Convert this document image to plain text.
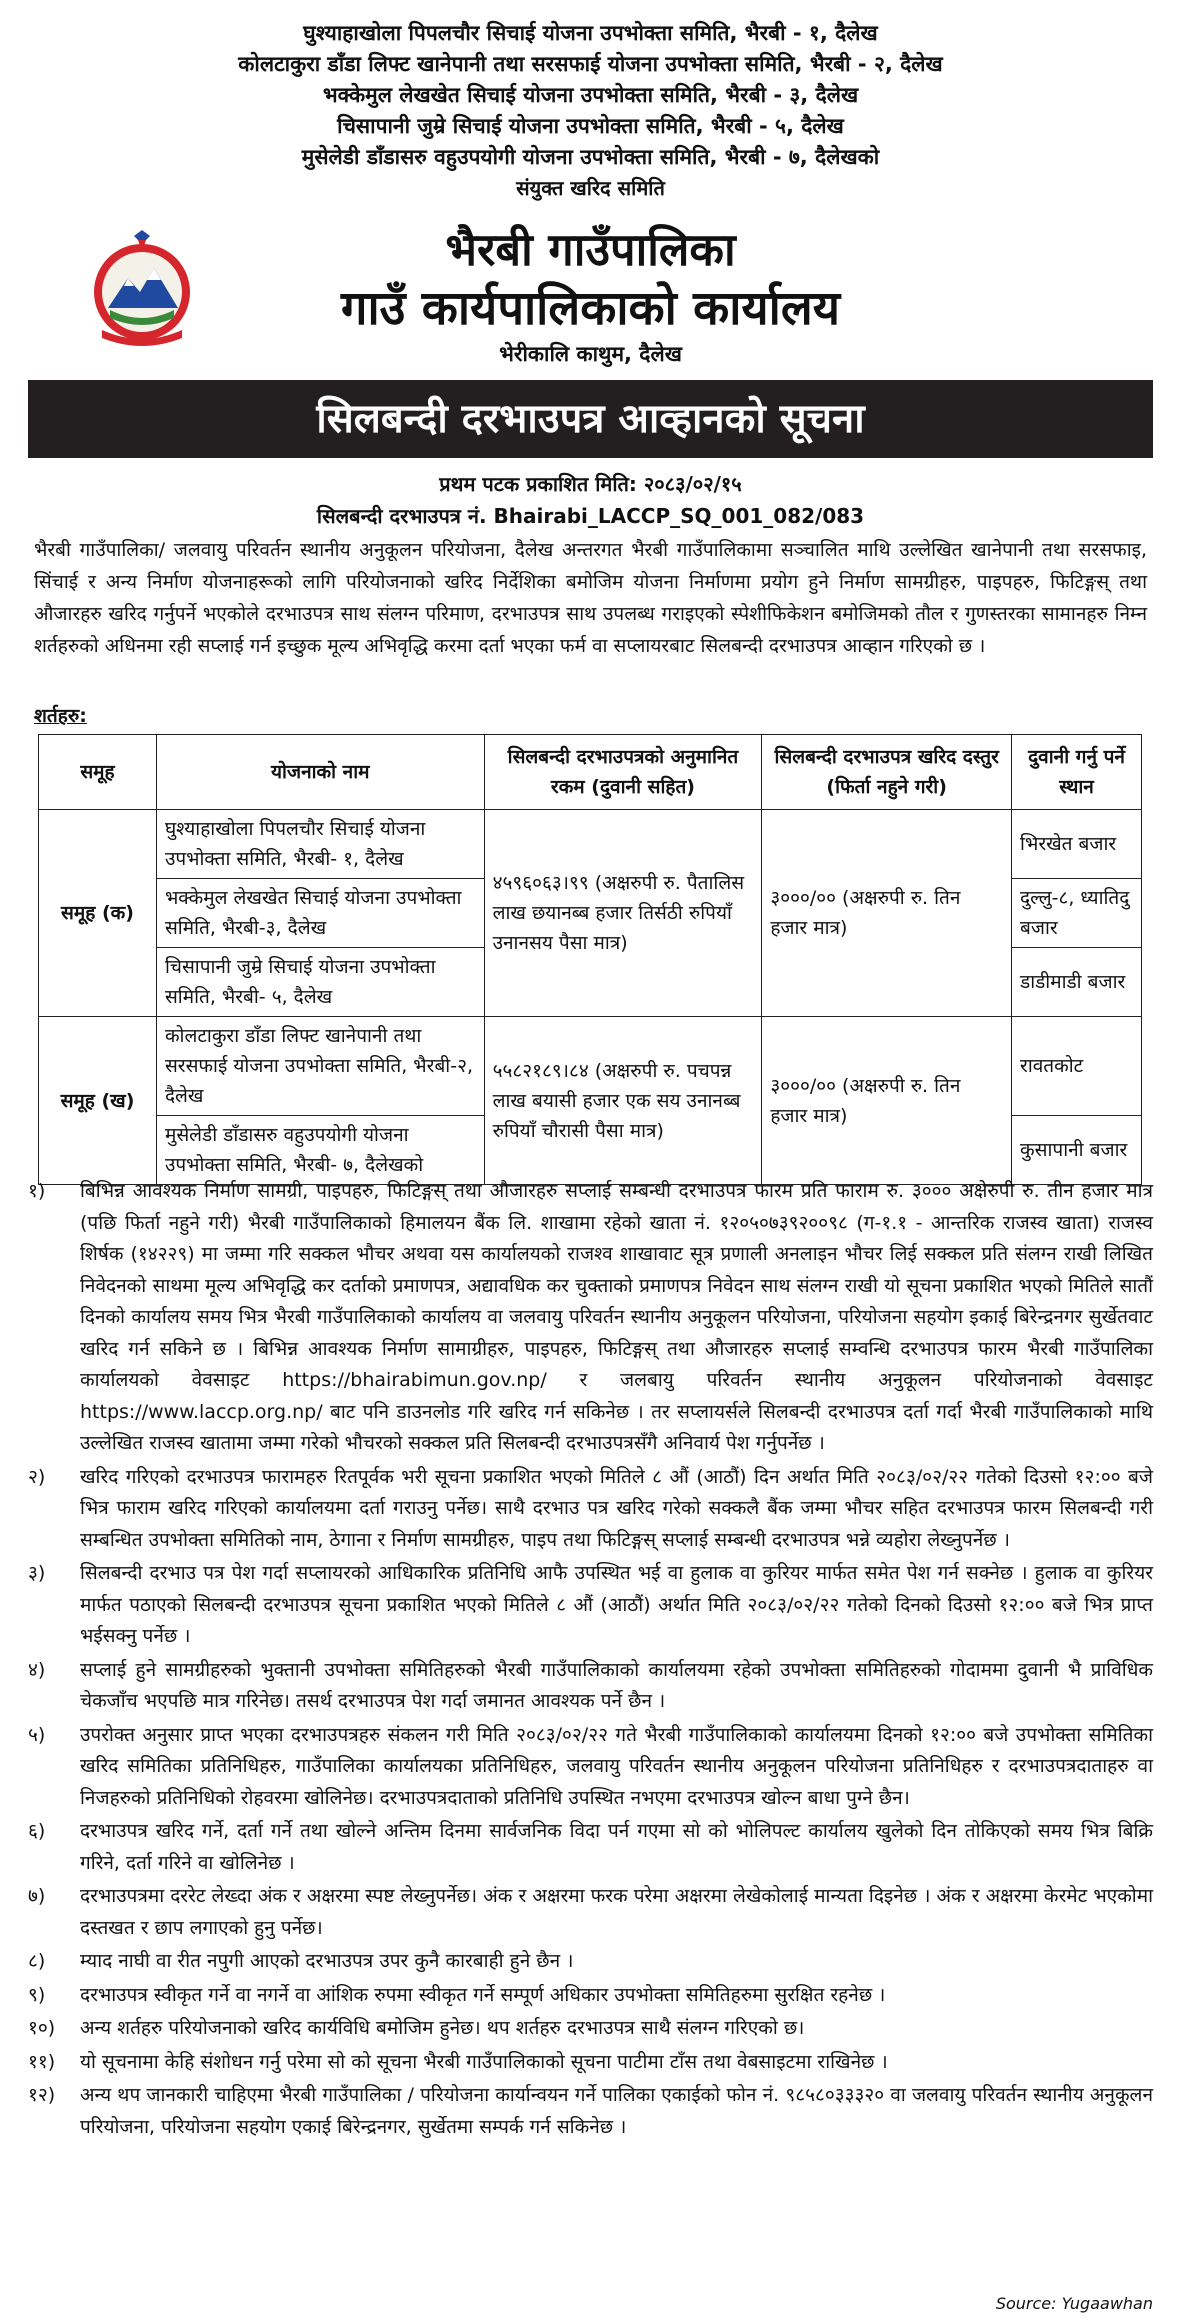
घुश्याहाखोला पिपलचौर सिचाई योजना उपभोक्ता समिति, भैरबी - १, दैलेख
कोलटाकुरा डाँडा लिफ्ट खानेपानी तथा सरसफाई योजना उपभोक्ता समिति, भैरबी - २, दैलेख
भक्केमुल लेखखेत सिचाई योजना उपभोक्ता समिति, भैरबी - ३, दैलेख
चिसापानी जुम्रे सिचाई योजना उपभोक्ता समिति, भैरबी - ५, दैलेख
मुसेलेडी डाँडासरु वहुउपयोगी योजना उपभोक्ता समिति, भैरबी - ७, दैलेखको
संयुक्त खरिद समिति
भैरबी गाउँपालिका
गाउँ कार्यपालिकाको कार्यालय
भेरीकालि काथुम, दैलेख
सिलबन्दी दरभाउपत्र आव्हानको सूचना
प्रथम पटक प्रकाशित मिति: २०८३/०२/१५
सिलबन्दी दरभाउपत्र नं. Bhairabi_LACCP_SQ_001_082/083
भैरबी गाउँपालिका/ जलवायु परिवर्तन स्थानीय अनुकूलन परियोजना, दैलेख अन्तरगत भैरबी गाउँपालिकामा सञ्चालित माथि उल्लेखित खानेपानी तथा सरसफाइ, सिंचाई र अन्य निर्माण योजनाहरूको लागि परियोजनाको खरिद निर्देशिका बमोजिम योजना निर्माणमा प्रयोग हुने निर्माण सामग्रीहरु, पाइपहरु, फिटिङ्गस् तथा औजारहरु खरिद गर्नुपर्ने भएकोले दरभाउपत्र साथ संलग्न परिमाण, दरभाउपत्र साथ उपलब्ध गराइएको स्पेशीफिकेशन बमोजिमको तौल र गुणस्तरका सामानहरु निम्न शर्तहरुको अधिनमा रही सप्लाई गर्न इच्छुक मूल्य अभिवृद्धि करमा दर्ता भएका फर्म वा सप्लायरबाट सिलबन्दी दरभाउपत्र आव्हान गरिएको छ ।
शर्तहरु:
समूह	योजनाको नाम	सिलबन्दी दरभाउपत्रको अनुमानित रकम (दुवानी सहित)	सिलबन्दी दरभाउपत्र खरिद दस्तुर (फिर्ता नहुने गरी)	दुवानी गर्नु पर्ने स्थान
समूह (क)	घुश्याहाखोला पिपलचौर सिचाई योजना उपभोक्ता समिति, भैरबी- १, दैलेख	४५९६०६३।९९ (अक्षरुपी रु. पैतालिस लाख छयानब्ब हजार तिर्सठी रुपियाँ उनानसय पैसा मात्र)	३०००/०० (अक्षरुपी रु. तिन हजार मात्र)	भिरखेत बजार
	भक्केमुल लेखखेत सिचाई योजना उपभोक्ता समिति, भैरबी-३, दैलेख			दुल्लु-८, ध्याति‌दु बजार
	चिसापानी जुम्रे सिचाई योजना उपभोक्ता समिति, भैरबी- ५, दैलेख			डाडीमाडी बजार
समूह (ख)	कोलटाकुरा डाँडा लिफ्ट खानेपानी तथा सरसफाई योजना उपभोक्ता समिति, भैरबी-२, दैलेख	५५८२१८९।८४ (अक्षरुपी रु. पचपन्न लाख बयासी हजार एक सय उनानब्ब रुपियाँ चौरासी पैसा मात्र)	३०००/०० (अक्षरुपी रु. तिन हजार मात्र)	रावतकोट
	मुसेलेडी डाँडासरु वहुउपयोगी योजना उपभोक्ता समिति, भैरबी- ७, दैलेखको			कुसापानी बजार
१)	बिभिन्न आवश्यक निर्माण सामग्री, पाइपहरु, फिटिङ्गस् तथा औजारहरु सप्लाई सम्बन्धी दरभाउपत्र फारम प्रति फाराम रु. ३००० अक्षेरुपी रु. तीन हजार मात्र (पछि फिर्ता नहुने गरी) भैरबी गाउँपालिकाको हिमालयन बैंक लि. शाखामा रहेको खाता नं. १२०५०७३९२००९८ (ग-१.१ - आन्तरिक राजस्व खाता) राजस्व शिर्षक (१४२२९) मा जम्मा गरि सक्कल भौचर अथवा यस कार्यालयको राजश्व शाखावाट सूत्र प्रणाली अनलाइन भौचर लिई सक्कल प्रति संलग्न राखी लिखित निवेदनको साथमा मूल्य अभिवृद्धि कर दर्ताको प्रमाणपत्र, अद्यावधिक कर चुक्ताको प्रमाणपत्र निवेदन साथ संलग्न राखी यो सूचना प्रकाशित भएको मितिले सातौं दिनको कार्यालय समय भित्र भैरबी गाउँपालिकाको कार्यालय वा जलवायु परिवर्तन स्थानीय अनुकूलन परियोजना, परियोजना सहयोग इकाई बिरेन्द्रनगर सुर्खेतवाट खरिद गर्न सकिने छ । बिभिन्न आवश्यक निर्माण सामाग्रीहरु, पाइपहरु, फिटिङ्गस् तथा औजारहरु सप्लाई सम्वन्धि दरभाउपत्र फारम भैरबी गाउँपालिका कार्यालयको वेवसाइट https://bhairabimun.gov.np/ र जलबायु परिवर्तन स्थानीय अनुकूलन परियोजनाको वेवसाइट https://www.laccp.org.np/ बाट पनि डाउनलोड गरि खरिद गर्न सकिनेछ । तर सप्लायर्सले सिलबन्दी दरभाउपत्र दर्ता गर्दा भैरबी गाउँपालिकाको माथि उल्लेखित राजस्व खातामा जम्मा गरेको भौचरको सक्कल प्रति सिलबन्दी दरभाउपत्रसँगै अनिवार्य पेश गर्नुपर्नेछ ।
२)	खरिद गरिएको दरभाउपत्र फारामहरु रितपूर्वक भरी सूचना प्रकाशित भएको मितिले ८ औं (आठौं) दिन अर्थात मिति २०८३/०२/२२ गतेको दिउसो १२:०० बजे भित्र फाराम खरिद गरिएको कार्यालयमा दर्ता गराउनु पर्नेछ। साथै दरभाउ पत्र खरिद गरेको सक्कलै बैंक जम्मा भौचर सहित दरभाउपत्र फारम सिलबन्दी गरी सम्बन्धित उपभोक्ता समितिको नाम, ठेगाना र निर्माण सामग्रीहरु, पाइप तथा फिटिङ्गस् सप्लाई सम्बन्धी दरभाउपत्र भन्ने व्यहोरा लेख्नुपर्नेछ ।
३)	सिलबन्दी दरभाउ पत्र पेश गर्दा सप्लायरको आधिकारिक प्रतिनिधि आफै उपस्थित भई वा हुलाक वा कुरियर मार्फत समेत पेश गर्न सक्नेछ । हुलाक वा कुरियर मार्फत पठाएको सिलबन्दी दरभाउपत्र सूचना प्रकाशित भएको मितिले ८ औं (आठौं) अर्थात मिति २०८३/०२/२२ गतेको दिनको दिउसो १२:०० बजे भित्र प्राप्त भईसक्नु पर्नेछ ।
४)	सप्लाई हुने सामग्रीहरुको भुक्तानी उपभोक्ता समितिहरुको भैरबी गाउँपालिकाको कार्यालयमा रहेको उपभोक्ता समितिहरुको गोदाममा दुवानी भै प्राविधिक चेकजाँच भएपछि मात्र गरिनेछ। तसर्थ दरभाउपत्र पेश गर्दा जमानत आवश्यक पर्ने छैन ।
५)	उपरोक्त अनुसार प्राप्त भएका दरभाउपत्रहरु संकलन गरी मिति २०८३/०२/२२ गते भैरबी गाउँपालिकाको कार्यालयमा दिनको १२:०० बजे उपभोक्ता समितिका खरिद समितिका प्रतिनिधिहरु, गाउँपालिका कार्यालयका प्रतिनिधिहरु, जलवायु परिवर्तन स्थानीय अनुकूलन परियोजना प्रतिनिधिहरु र दरभाउपत्रदाताहरु वा निजहरुको प्रतिनिधिको रोहवरमा खोलिनेछ। दरभाउपत्रदाताको प्रतिनिधि उपस्थित नभएमा दरभाउपत्र खोल्न बाधा पुग्ने छैन।
६)	दरभाउपत्र खरिद गर्ने, दर्ता गर्ने तथा खोल्ने अन्तिम दिनमा सार्वजनिक विदा पर्न गएमा सो को भोलिपल्ट कार्यालय खुलेको दिन तोकिएको समय भित्र बिक्रि गरिने, दर्ता गरिने वा खोलिनेछ ।
७)	दरभाउपत्रमा दररेट लेख्दा अंक र अक्षरमा स्पष्ट लेख्नुपर्नेछ। अंक र अक्षरमा फरक परेमा अक्षरमा लेखेकोलाई मान्यता दिइनेछ । अंक र अक्षरमा केरमेट भएकोमा दस्तखत र छाप लगाएको हुनु पर्नेछ।
८)	म्याद नाघी वा रीत नपुगी आएको दरभाउपत्र उपर कुनै कारबाही हुने छैन ।
९)	दरभाउपत्र स्वीकृत गर्ने वा नगर्ने वा आंशिक रुपमा स्वीकृत गर्ने सम्पूर्ण अधिकार उपभोक्ता समितिहरुमा सुरक्षित रहनेछ ।
१०)	अन्य शर्तहरु परियोजनाको खरिद कार्यविधि बमोजिम हुनेछ। थप शर्तहरु दरभाउपत्र साथै संलग्न गरिएको छ।
११)	यो सूचनामा केहि संशोधन गर्नु परेमा सो को सूचना भैरबी गाउँपालिकाको सूचना पाटीमा टाँस तथा वेबसाइटमा राखिनेछ ।
१२)	अन्य थप जानकारी चाहिएमा भैरबी गाउँपालिका / परियोजना कार्यान्वयन गर्ने पालिका एकाईको फोन नं. ९८५८०३३३२० वा जलवायु परिवर्तन स्थानीय अनुकूलन परियोजना, परियोजना सहयोग एकाई बिरेन्द्रनगर, सुर्खेतमा सम्पर्क गर्न सकिनेछ ।
Source: Yugaawhan
